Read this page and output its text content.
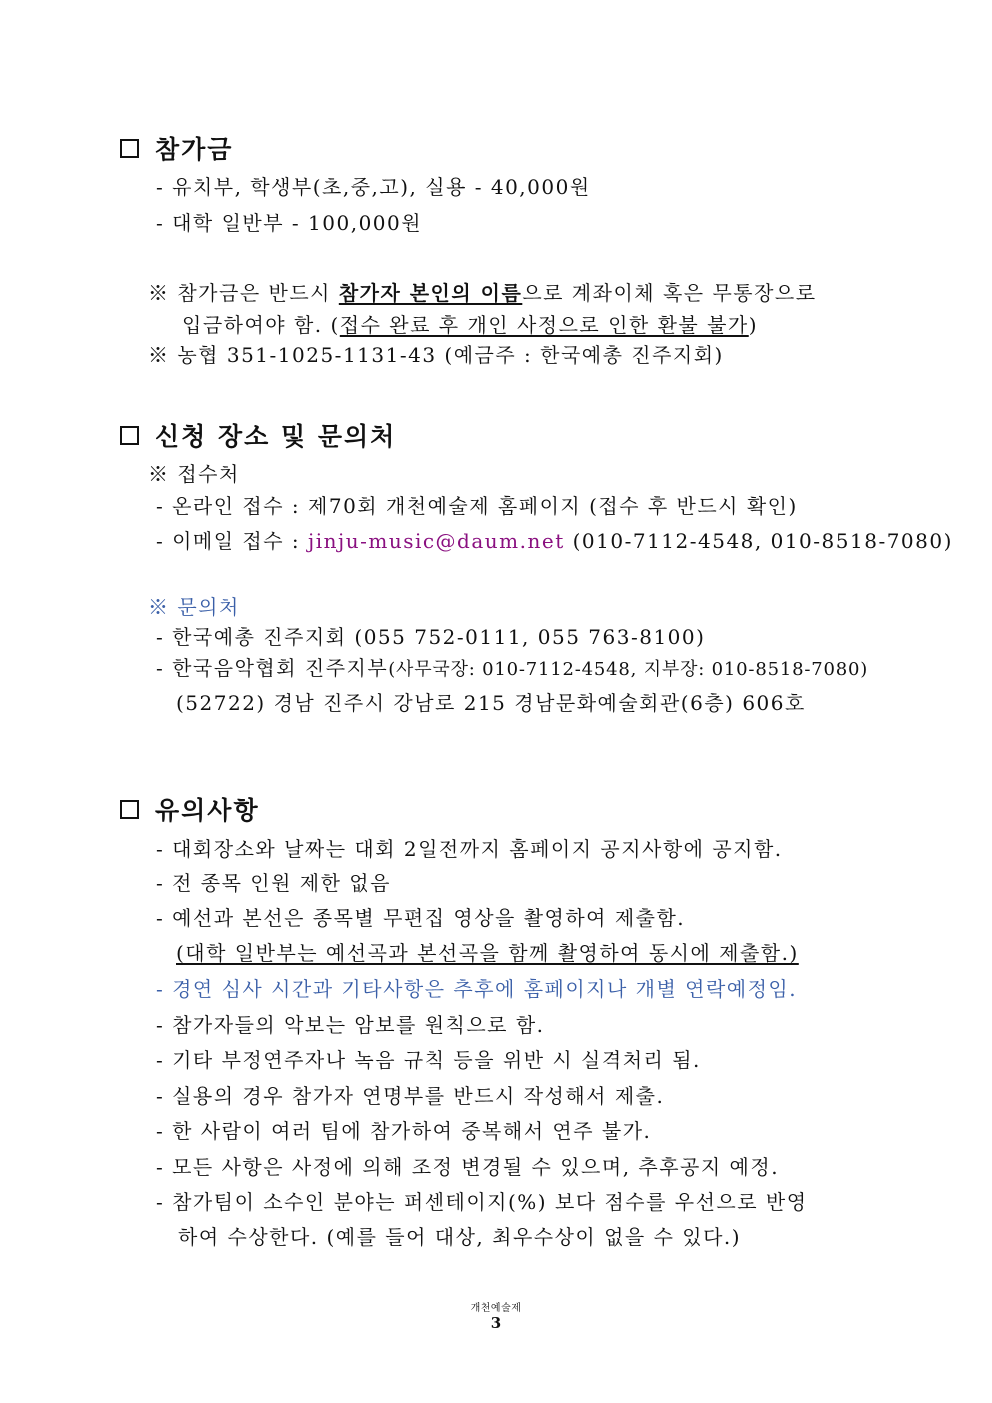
참가금
- 유치부, 학생부(초,중,고), 실용 - 40,000원
- 대학 일반부 - 100,000원
※ 참가금은 반드시 참가자 본인의 이름으로 계좌이체 혹은 무통장으로
입금하여야 함. (접수 완료 후 개인 사정으로 인한 환불 불가)
※ 농협 351-1025-1131-43 (예금주 : 한국예총 진주지회)
신청 장소 및 문의처
※ 접수처
- 온라인 접수 : 제70회 개천예술제 홈페이지 (접수 후 반드시 확인)
- 이메일 접수 : jinju-music@daum.net (010-7112-4548, 010-8518-7080)
※ 문의처
- 한국예총 진주지회 (055 752-0111, 055 763-8100)
- 한국음악협회 진주지부(사무국장: 010-7112-4548, 지부장: 010-8518-7080)
(52722) 경남 진주시 강남로 215 경남문화예술회관(6층) 606호
유의사항
- 대회장소와 날짜는 대회 2일전까지 홈페이지 공지사항에 공지함.
- 전 종목 인원 제한 없음
- 예선과 본선은 종목별 무편집 영상을 촬영하여 제출함.
(대학 일반부는 예선곡과 본선곡을 함께 촬영하여 동시에 제출함.)
- 경연 심사 시간과 기타사항은 추후에 홈페이지나 개별 연락예정임.
- 참가자들의 악보는 암보를 원칙으로 함.
- 기타 부정연주자나 녹음 규칙 등을 위반 시 실격처리 됨.
- 실용의 경우 참가자 연명부를 반드시 작성해서 제출.
- 한 사람이 여러 팀에 참가하여 중복해서 연주 불가.
- 모든 사항은 사정에 의해 조정 변경될 수 있으며, 추후공지 예정.
- 참가팀이 소수인 분야는 퍼센테이지(%) 보다 점수를 우선으로 반영
하여 수상한다. (예를 들어 대상, 최우수상이 없을 수 있다.)
개천예술제
3
